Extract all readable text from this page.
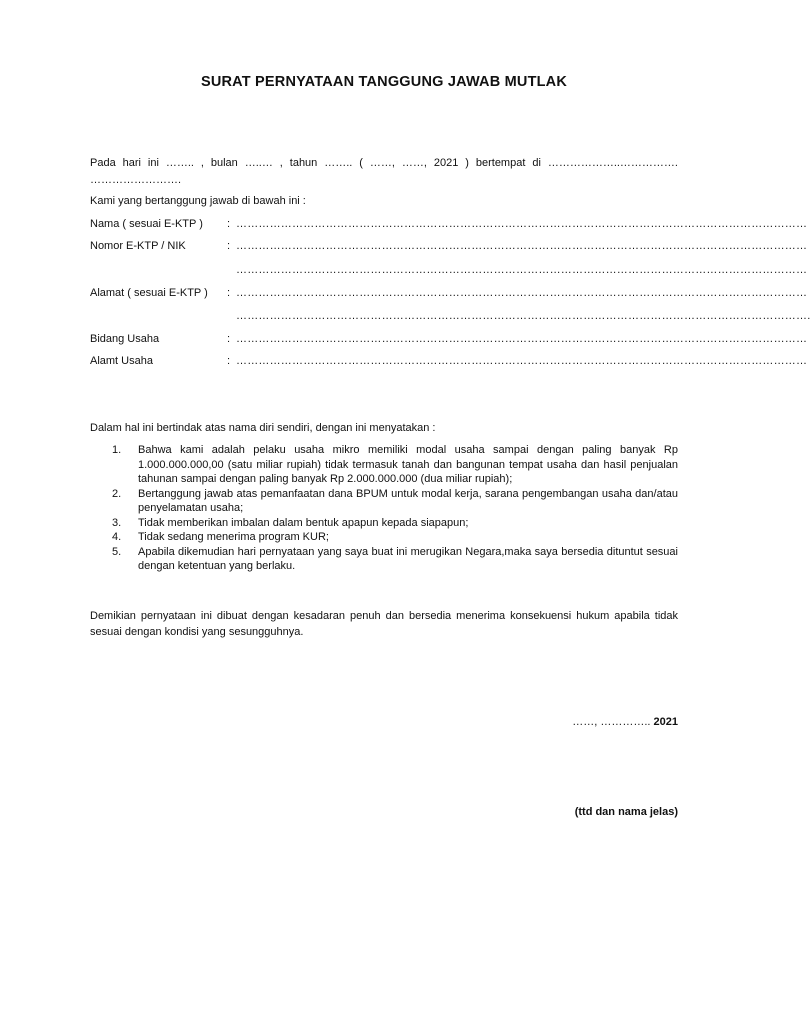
SURAT PERNYATAAN TANGGUNG JAWAB MUTLAK
Pada hari ini …….. , bulan …..… , tahun …….. ( ……, ……, 2021 ) bertempat di ………………..…………….
…………………….
Kami yang bertanggung jawab di bawah ini :
Nama ( sesuai E-KTP ) : ………………………………………………………………………………………………………………………………………
Nomor E-KTP / NIK	: ………………………………………………………………………………………………………………………………………
………………………………………………………………………………………………………………………………………
Alamat ( sesuai E-KTP ) : ………………………………………………………………………………………………………………………………………
……………………………………………………………………………………………………………………………………….
Bidang Usaha	: ………………………………………………………………………………………………………………………………………
Alamt Usaha	: ………………………………………………………………………………………………………………………………………
Dalam hal ini bertindak atas nama diri sendiri, dengan ini menyatakan :
1. Bahwa kami adalah pelaku usaha mikro memiliki modal usaha sampai dengan paling banyak Rp 1.000.000.000,00 (satu miliar rupiah) tidak termasuk tanah dan bangunan tempat usaha dan hasil penjualan tahunan sampai dengan paling banyak Rp 2.000.000.000 (dua miliar rupiah);
2. Bertanggung jawab atas pemanfaatan dana BPUM untuk modal kerja, sarana pengembangan usaha dan/atau penyelamatan usaha;
3. Tidak memberikan imbalan dalam bentuk apapun kepada siapapun;
4. Tidak sedang menerima program KUR;
5. Apabila dikemudian hari pernyataan yang saya buat ini merugikan Negara,maka saya bersedia dituntut sesuai dengan ketentuan yang berlaku.
Demikian pernyataan ini dibuat dengan kesadaran penuh dan bersedia menerima konsekuensi hukum apabila tidak sesuai dengan kondisi yang sesungguhnya.
……, ………….. 2021
(ttd dan nama jelas)
